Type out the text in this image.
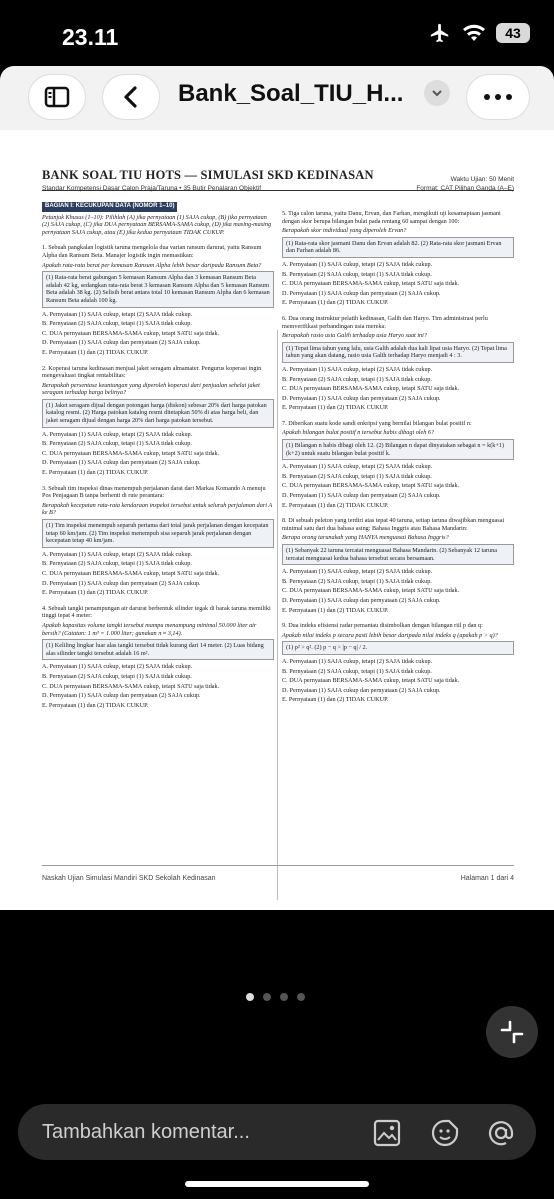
23.11	43
Bank_Soal_TIU_H...
BANK SOAL TIU HOTS — SIMULASI SKD KEDINASAN
Standar Kompetensi Dasar Calon Praja/Taruna • 35 Butir Penalaran Objektif
Waktu Ujian: 50 Menit
Format: CAT Pilihan Ganda (A–E)
BAGIAN I: KECUKUPAN DATA (NOMOR 1–10)

Petunjuk Khusus (1–10): Pilihlah (A) jika pernyataan (1) SAJA cukup, (B) jika pernyataan (2) SAJA cukup, (C) jika DUA pernyataan BERSAMA-SAMA cukup, (D) jika masing-masing pernyataan SAJA cukup, atau (E) jika kedua pernyataan TIDAK CUKUP.

1. Sebuah pangkalan logistik taruna mengelola dua varian ransum darurat, yaitu Ransum Alpha dan Ransum Beta. Manajer logistik ingin memastikan:

Apakah rata-rata berat per kemasan Ransum Alpha lebih besar daripada Ransum Beta?

(1) Rata-rata berat gabungan 5 kemasan Ransum Alpha dan 3 kemasan Ransum Beta adalah 42 kg, sedangkan rata-rata berat 3 kemasan Ransum Alpha dan 5 kemasan Ransum Beta adalah 38 kg. (2) Selisih berat antara total 10 kemasan Ransum Alpha dan 6 kemasan Ransum Beta adalah 100 kg.

A. Pernyataan (1) SAJA cukup, tetapi (2) SAJA tidak cukup.

B. Pernyataan (2) SAJA cukup, tetapi (1) SAJA tidak cukup.

C. DUA pernyataan BERSAMA-SAMA cukup, tetapi SATU saja tidak.

D. Pernyataan (1) SAJA cukup dan pernyataan (2) SAJA cukup.

E. Pernyataan (1) dan (2) TIDAK CUKUP.

2. Koperasi taruna kedinasan menjual jaket seragam almamater. Pengurus koperasi ingin mengevaluasi tingkat rentabilitas:

Berapakah persentase keuntungan yang diperoleh koperasi dari penjualan sehelai jaket seragam terhadap harga belinya?

(1) Jaket seragam dijual dengan potongan harga (diskon) sebesar 20% dari harga patokan katalog resmi. (2) Harga patokan katalog resmi ditetapkan 50% di atas harga beli, dan jaket seragam dijual dengan harga 20% dari harga patokan tersebut.

A. Pernyataan (1) SAJA cukup, tetapi (2) SAJA tidak cukup.

B. Pernyataan (2) SAJA cukup, tetapi (1) SAJA tidak cukup.

C. DUA pernyataan BERSAMA-SAMA cukup, tetapi SATU saja tidak.

D. Pernyataan (1) SAJA cukup dan pernyataan (2) SAJA cukup.

E. Pernyataan (1) dan (2) TIDAK CUKUP.

3. Sebuah tim inspeksi dinas menempuh perjalanan darat dari Markas Komando A menuju Pos Penjagaan B tanpa berhenti di rute perantara:

Berapakah kecepatan rata-rata kendaraan inspeksi tersebut untuk seluruh perjalanan dari A ke B?

(1) Tim inspeksi menempuh separuh pertama dari total jarak perjalanan dengan kecepatan tetap 60 km/jam. (2) Tim inspeksi menempuh sisa separuh jarak perjalanan dengan kecepatan tetap 40 km/jam.

A. Pernyataan (1) SAJA cukup, tetapi (2) SAJA tidak cukup.

B. Pernyataan (2) SAJA cukup, tetapi (1) SAJA tidak cukup.

C. DUA pernyataan BERSAMA-SAMA cukup, tetapi SATU saja tidak.

D. Pernyataan (1) SAJA cukup dan pernyataan (2) SAJA cukup.

E. Pernyataan (1) dan (2) TIDAK CUKUP.

4. Sebuah tangki penampungan air darurat berbentuk silinder tegak di barak taruna memiliki tinggi tepat 4 meter:

Apakah kapasitas volume tangki tersebut mampu menampung minimal 50.000 liter air bersih? (Catatan: 1 m³ = 1.000 liter; gunakan π ≈ 3,14).

(1) Keliling lingkar luar alas tangki tersebut tidak kurang dari 14 meter. (2) Luas bidang alas silinder tangki tersebut adalah 16 m².

A. Pernyataan (1) SAJA cukup, tetapi (2) SAJA tidak cukup.

B. Pernyataan (2) SAJA cukup, tetapi (1) SAJA tidak cukup.

C. DUA pernyataan BERSAMA-SAMA cukup, tetapi SATU saja tidak.

D. Pernyataan (1) SAJA cukup dan pernyataan (2) SAJA cukup.

E. Pernyataan (1) dan (2) TIDAK CUKUP.

5. Tiga calon taruna, yaitu Danu, Ervan, dan Farhan, mengikuti uji kesamaptaan jasmani dengan skor berupa bilangan bulat pada rentang 60 sampai dengan 100:

Berapakah skor individual yang diperoleh Ervan?

(1) Rata-rata skor jasmani Danu dan Ervan adalah 82. (2) Rata-rata skor jasmani Ervan dan Farhan adalah 86.

A. Pernyataan (1) SAJA cukup, tetapi (2) SAJA tidak cukup.

B. Pernyataan (2) SAJA cukup, tetapi (1) SAJA tidak cukup.

C. DUA pernyataan BERSAMA-SAMA cukup, tetapi SATU saja tidak.

D. Pernyataan (1) SAJA cukup dan pernyataan (2) SAJA cukup.

E. Pernyataan (1) dan (2) TIDAK CUKUP.

6. Dua orang instruktur pelatih kedinasan, Galih dan Haryo. Tim administrasi perlu memverifikasi perbandingan usia mereka:

Berapakah rasio usia Galih terhadap usia Haryo saat ini?

(1) Tepat lima tahun yang lalu, usia Galih adalah dua kali lipat usia Haryo. (2) Tepat lima tahun yang akan datang, rasio usia Galih terhadap Haryo menjadi 4 : 3.

A. Pernyataan (1) SAJA cukup, tetapi (2) SAJA tidak cukup.

B. Pernyataan (2) SAJA cukup, tetapi (1) SAJA tidak cukup.

C. DUA pernyataan BERSAMA-SAMA cukup, tetapi SATU saja tidak.

D. Pernyataan (1) SAJA cukup dan pernyataan (2) SAJA cukup.

E. Pernyataan (1) dan (2) TIDAK CUKUP.

7. Diberikan suatu kode sandi enkripsi yang bernilai bilangan bulat positif n:

Apakah bilangan bulat positif n tersebut habis dibagi oleh 6?

(1) Bilangan n habis dibagi oleh 12. (2) Bilangan n dapat dinyatakan sebagai n = k(k+1)(k+2) untuk suatu bilangan bulat positif k.

A. Pernyataan (1) SAJA cukup, tetapi (2) SAJA tidak cukup.

B. Pernyataan (2) SAJA cukup, tetapi (1) SAJA tidak cukup.

C. DUA pernyataan BERSAMA-SAMA cukup, tetapi SATU saja tidak.

D. Pernyataan (1) SAJA cukup dan pernyataan (2) SAJA cukup.

E. Pernyataan (1) dan (2) TIDAK CUKUP.

8. Di sebuah peleton yang terdiri atas tepat 40 taruna, setiap taruna diwajibkan menguasai minimal satu dari dua bahasa asing: Bahasa Inggris atau Bahasa Mandarin:

Berapa orang tarunakah yang HANYA menguasai Bahasa Inggris?

(1) Sebanyak 22 taruna tercatat menguasai Bahasa Mandarin. (2) Sebanyak 12 taruna tercatat menguasai kedua bahasa tersebut secara bersamaan.

A. Pernyataan (1) SAJA cukup, tetapi (2) SAJA tidak cukup.

B. Pernyataan (2) SAJA cukup, tetapi (1) SAJA tidak cukup.

C. DUA pernyataan BERSAMA-SAMA cukup, tetapi SATU saja tidak.

D. Pernyataan (1) SAJA cukup dan pernyataan (2) SAJA cukup.

E. Pernyataan (1) dan (2) TIDAK CUKUP.

9. Dua indeks efisiensi radar pemantau disimbolkan dengan bilangan riil p dan q:

Apakah nilai indeks p secara pasti lebih besar daripada nilai indeks q (apakah p > q)?

(1) p² > q². (2) p − q > |p − q| / 2.

A. Pernyataan (1) SAJA cukup, tetapi (2) SAJA tidak cukup.

B. Pernyataan (2) SAJA cukup, tetapi (1) SAJA tidak cukup.

C. DUA pernyataan BERSAMA-SAMA cukup, tetapi SATU saja tidak.

D. Pernyataan (1) SAJA cukup dan pernyataan (2) SAJA cukup.

E. Pernyataan (1) dan (2) TIDAK CUKUP.

Naskah Ujian Simulasi Mandiri SKD Sekolah Kedinasan	Halaman 1 dari 4
Tambahkan komentar...
